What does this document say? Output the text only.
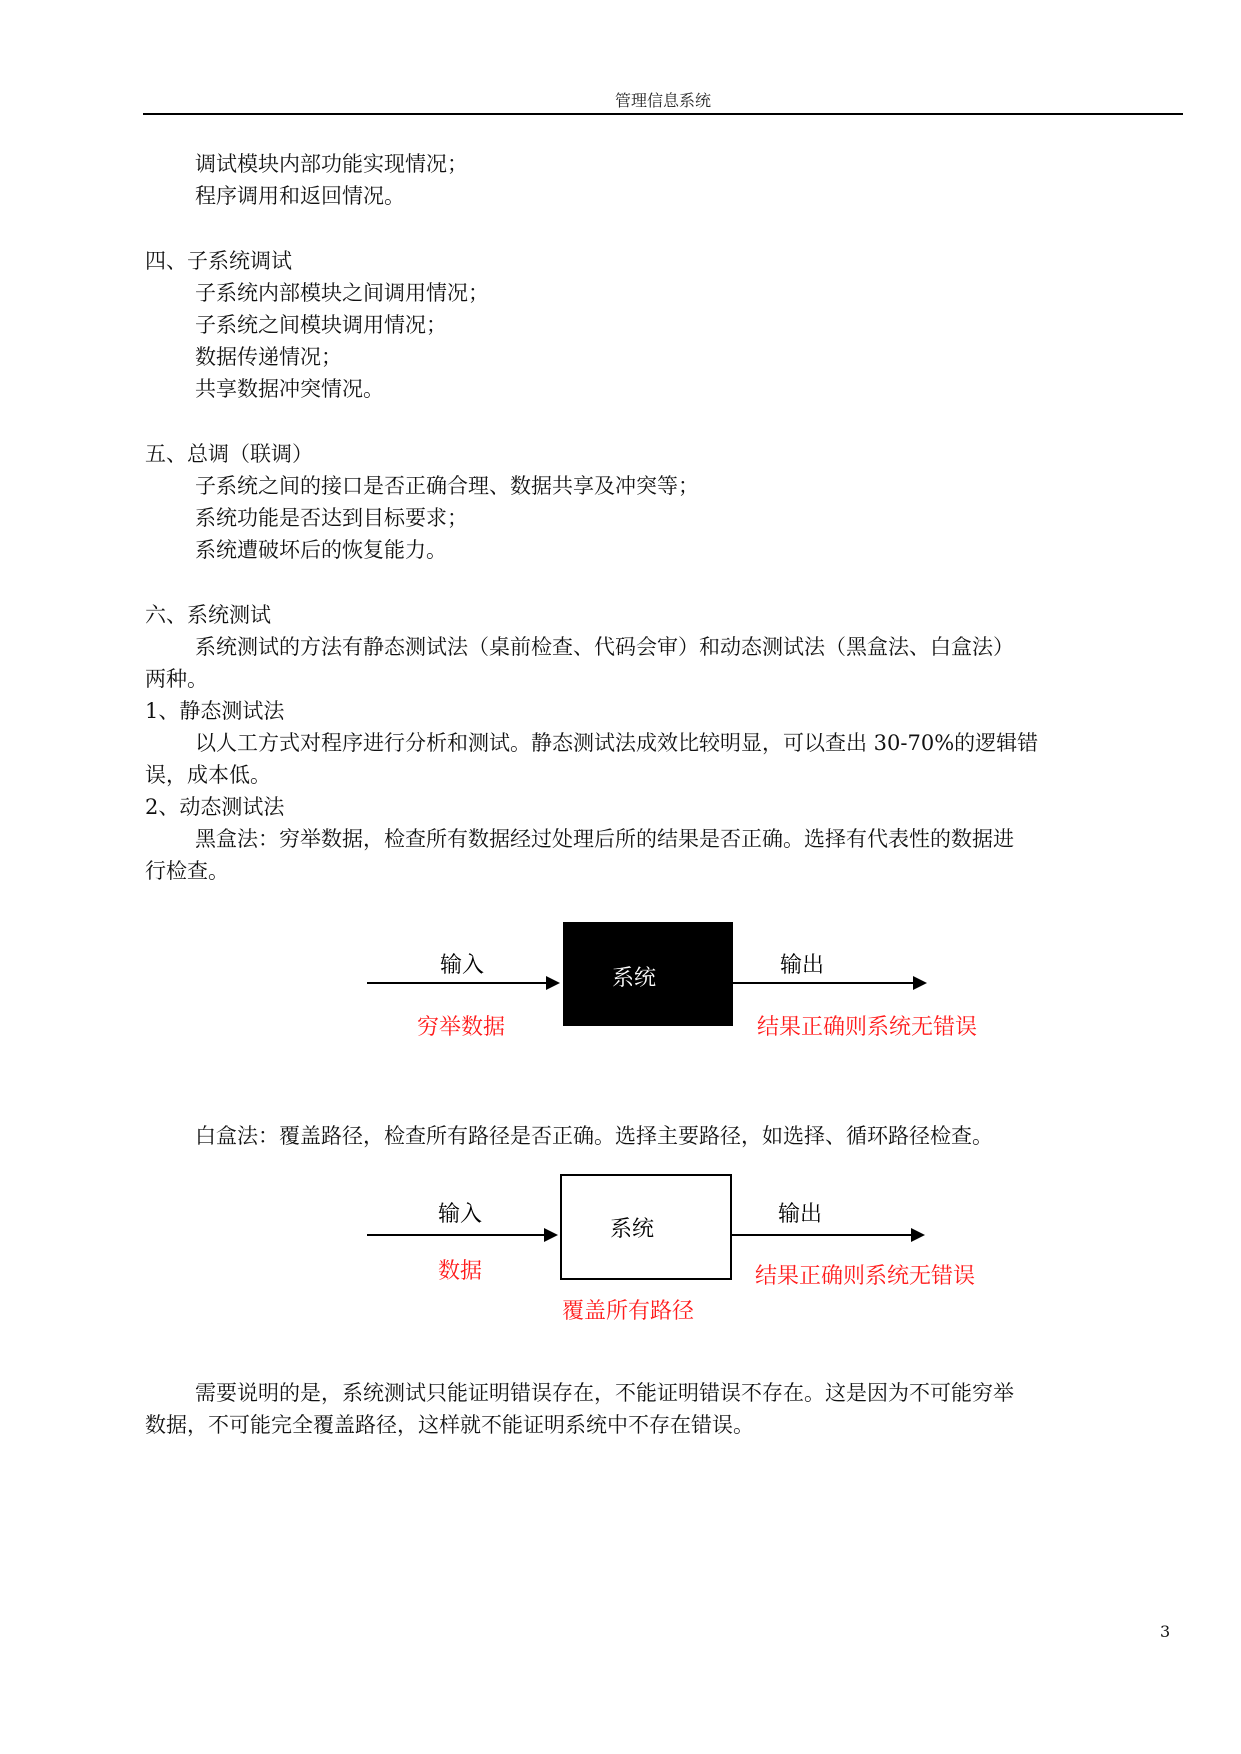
管理信息系统
调试模块内部功能实现情况；
程序调用和返回情况。
四、子系统调试
子系统内部模块之间调用情况；
子系统之间模块调用情况；
数据传递情况；
共享数据冲突情况。
五、总调（联调）
子系统之间的接口是否正确合理、数据共享及冲突等；
系统功能是否达到目标要求；
系统遭破坏后的恢复能力。
六、系统测试
系统测试的方法有静态测试法（桌前检查、代码会审）和动态测试法（黑盒法、白盒法）
两种。
1、静态测试法
以人工方式对程序进行分析和测试。静态测试法成效比较明显，可以查出 30-70%的逻辑错
误，成本低。
2、动态测试法
黑盒法：穷举数据，检查所有数据经过处理后所的结果是否正确。选择有代表性的数据进
行检查。
输入
系统
输出
穷举数据	结果正确则系统无错误
白盒法：覆盖路径，检查所有路径是否正确。选择主要路径，如选择、循环路径检查。
输入
系统
输出
数据	结果正确则系统无错误
覆盖所有路径
需要说明的是，系统测试只能证明错误存在，不能证明错误不存在。这是因为不可能穷举
数据，不可能完全覆盖路径，这样就不能证明系统中不存在错误。
3
